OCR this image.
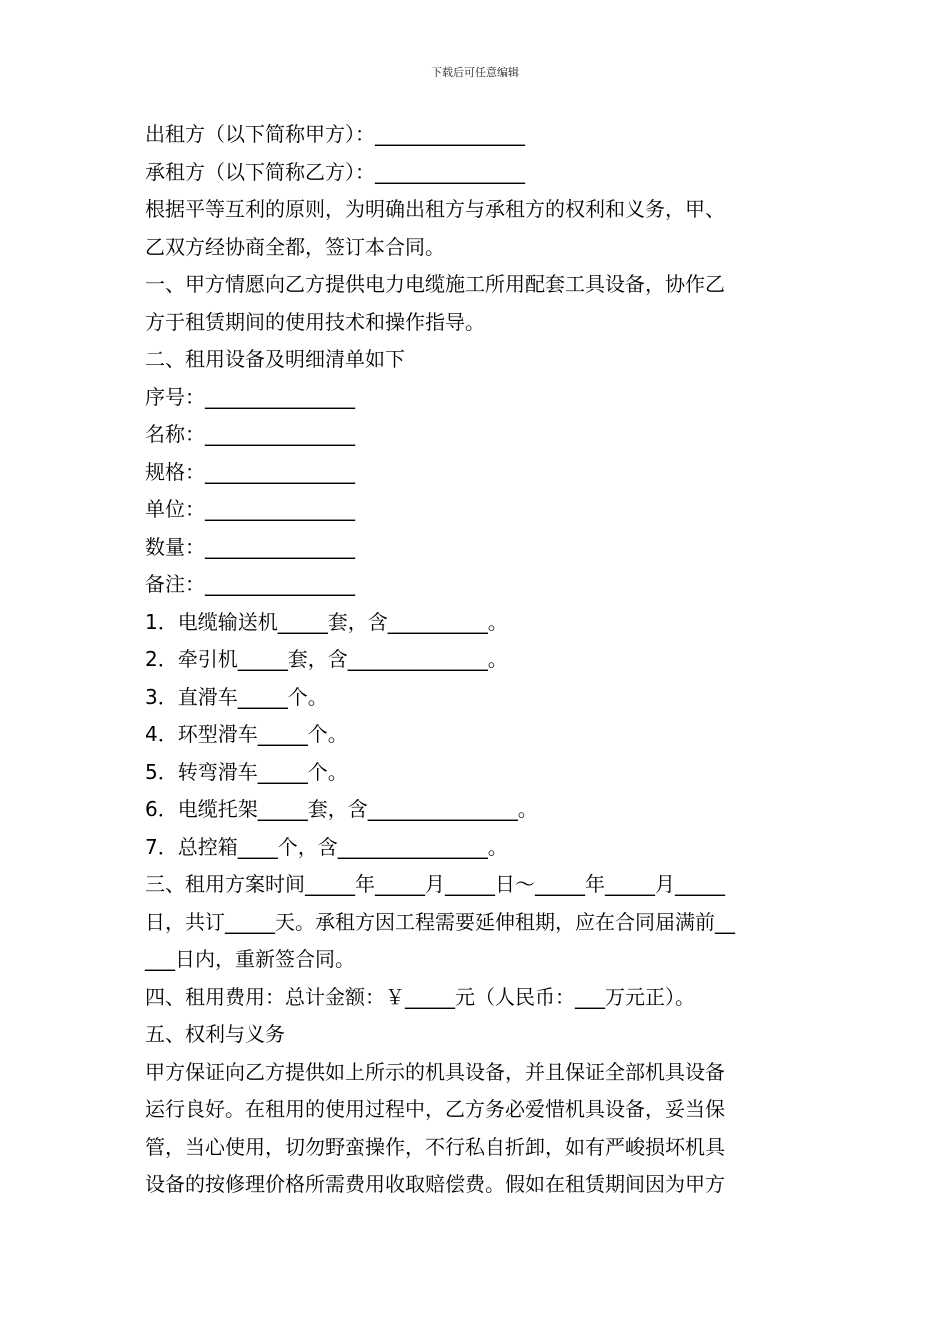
下载后可任意编辑
出租方（以下简称甲方）：_______________
承租方（以下简称乙方）：_______________
根据平等互利的原则，为明确出租方与承租方的权利和义务，甲、
乙双方经协商全都，签订本合同。
一、甲方情愿向乙方提供电力电缆施工所用配套工具设备，协作乙
方于租赁期间的使用技术和操作指导。
二、租用设备及明细清单如下
序号：_______________
名称：_______________
规格：_______________
单位：_______________
数量：_______________
备注：_______________
1．电缆输送机_____套，含__________。
2．牵引机_____套，含______________。
3．直滑车_____个。
4．环型滑车_____个。
5．转弯滑车_____个。
6．电缆托架_____套，含_______________。
7．总控箱____个，含_______________。
三、租用方案时间_____年_____月_____日～_____年_____月_____
日，共订_____天。承租方因工程需要延伸租期，应在合同届满前__
___日内，重新签合同。
四、租用费用：总计金额：￥_____元（人民币：___万元正）。
五、权利与义务
甲方保证向乙方提供如上所示的机具设备，并且保证全部机具设备
运行良好。在租用的使用过程中，乙方务必爱惜机具设备，妥当保
管，当心使用，切勿野蛮操作，不行私自折卸，如有严峻损坏机具
设备的按修理价格所需费用收取赔偿费。假如在租赁期间因为甲方
